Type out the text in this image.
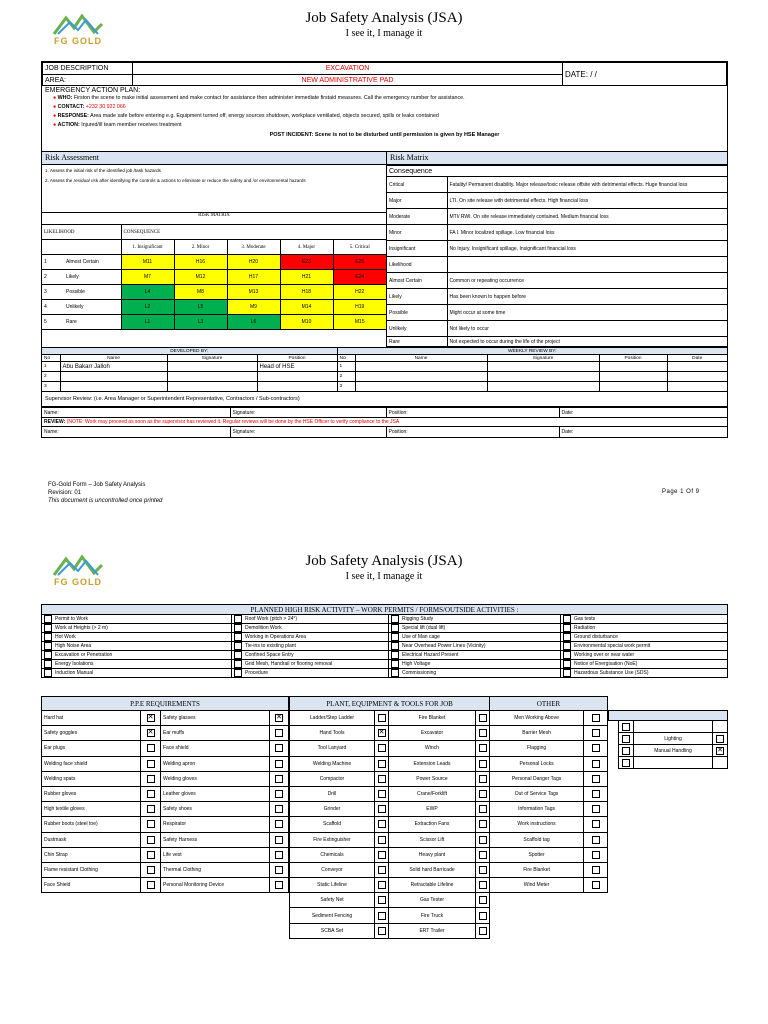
FG GOLD
Job Safety Analysis (JSA)
I see it, I manage it
JOB DESCRIPTION	EXCAVATION	DATE: / /
AREA:	NEW ADMINISTRATIVE PAD	
EMERGENCY ACTION PLAN:
● WHO: Firston the scene to make initial assessment and make contact for assistance then administer immediate firstaid measures. Call the emergency number for assistance.
● CONTACT: +232 30 922 066
● RESPONSE: Area made safe before entering e.g. Equipment turned off, energy sources shutdown, workplace ventilated, objects secured, spills or leaks contained
● ACTION: Injured/ill team member receives treatment
POST INCIDENT: Scene is not to be disturbed until permission is given by HSE Manager
Risk Assessment
1. Assess the initial risk of the identified job /task hazards
2. Assess the residual risk after identifying the controls & actions to eliminate or reduce the safety and /or environmental hazards
RISK MATRIX
LIKELIHOOD	CONSEQUENCE				
	1. Insignificant	2. Minor	3. Moderate	4. Major	5. Critical
1 Almost Certain	M11	H16	H20	E23	E25
2 Likely	M7	M12	H17	H21	E24
3 Possible	L4	M8	M13	H18	H22
4 Unlikely	L2	L5	M9	M14	H19
5 Rare	L1	L3	L6	M10	M15
Risk Matrix
Consequence	
Critical	Fatality/ Permanent disability. Major release/toxic release offsite with detrimental effects. Huge financial loss
Major	LTI. On site release with detrimental effects. High financial loss
Moderate	MTI/ RWI. On site release immediately contained. Medium financial loss
Minor	FA I. Minor localized spillage. Low financial loss
Insignificant	No Injury. Insignificant spillage, Insignificant financial loss
Likelihood	
Almost Certain	Common or repeating occurrence
Likely	Has been known to happen before
Possible	Might occur at some time
Unlikely	Not likely to occur
Rare	Not expected to occur during the life of the project
DEVELOPED BY:				WEEKLY REVIEW BY:				
No	Name	Signature	Position	No	Name	Signature	Position	Date
1	Abu Bakarr Jalloh		Head of HSE	1				
2				2				
3				3				
Supervisor Review: (i.e. Area Manager or Superintendent Representative, Contractors / Sub-contractors)
Name:	Signature:	Position:	Date:
REVIEW: (NOTE: Work may proceed as soon as the supervisor has reviewed it. Regular reviews will be done by the HSE Officer to verify compliance to the JSA			
Name:	Signature:	Position:	Date:
FG-Gold Form – Job Safety Analysis
Revision: 01
This document is uncontrolled once printed
Page 1 Of 9
FG GOLD
Job Safety Analysis (JSA)
I see it, I manage it
PLANNED HIGH RISK ACTIVITY – WORK PERMITS / FORMS/OUTSIDE ACTIVITIES :			
Permit to Work	Roof Work (pitch > 24°)	Rigging Study	Gas tests
Work at Heights (> 2 m)	Demolition Work	Special lift (dual lift)	Radiation
Hot Work	Working in Operations Area	Use of Man cage	Ground disturbance
High Noise Area	Tie-ins to existing plant	Near Overhead Power Lines (Vicinity)	Environmental special work permit
Excavation or Penetration	Confined Space Entry	Electrical Hazard Present	Working over or near water
Energy Isolations	Grid Mesh, Handrail or flooring removal	High Voltage	Notice of Energisation (NoE)
Induction Manual	Procedure	Commissioning	Hazardous Substance Use (SDS)
P.P.E REQUIREMENTS			
Hard hat	✕	Safety glasses	✕
Safety goggles	✕	Ear muffs	
Ear plugs		Face shield	
Welding face shield		Welding apron	
Welding spats		Welding gloves	
Rubber gloves		Leather gloves	
High textile gloves		Safety shoes	
Rubber boots (steel toe)		Respirator	
Dustmask		Safety Harness	
Chin Strap		Life vest	
Flame resistant Clothing		Thermal Clothing	
Face Shield		Personal Monitoring Device	
PLANT, EQUIPMENT & TOOLS FOR JOB				OTHER	
Ladder/Step Ladder		Fire Blanket		Men Working Above	
Hand Tools	✕	Excavator		Barrier Mesh	
Tool Lanyard		Winch		Flagging	
Welding Machine		Extension Leads		Personal Locks	
Compactor		Power Source		Personal Danger Tags	
Drill		Crane/Forklift		Out of Service Tags	
Grinder		EWP		Information Tags	
Scaffold		Extraction Fans		Work instructions	
Fire Extinguisher		Scissor Lift		Scaffold tag	
Chemicals		Heavy plant		Spotter	
Conveyor		Solid hard Barricade		Fire Blanket	
Static Lifeline		Retractable Lifeline		Wind Meter	
Safety Net		Gas Tester			
Sediment Fencing		Fire Truck			
SCBA Set		ERT Trailer			

		Lighting	
		Manual Handling	✕
